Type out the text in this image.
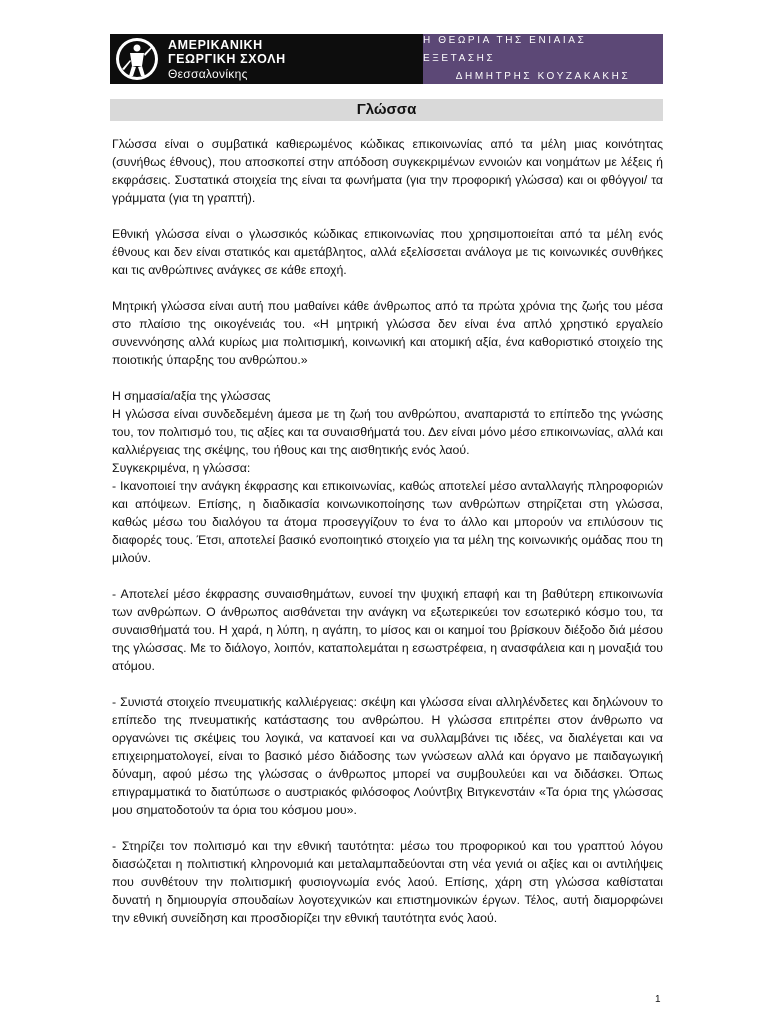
ΑΜΕΡΙΚΑΝΙΚΗ
ΓΕΩΡΓΙΚΗ ΣΧΟΛΗ
Θεσσαλονίκης
Η ΘΕΩΡΙΑ ΤΗΣ ΕΝΙΑΙΑΣ ΕΞΕΤΑΣΗΣ
ΔΗΜΗΤΡΗΣ ΚΟΥΖΑΚΑΚΗΣ
Γλώσσα

Γλώσσα είναι ο συμβατικά καθιερωμένος κώδικας επικοινωνίας από τα μέλη μιας κοινότητας (συνήθως έθνους), που αποσκοπεί στην απόδοση συγκεκριμένων εννοιών και νοημάτων με λέξεις ή εκφράσεις. Συστατικά στοιχεία της είναι τα φωνήματα (για την προφορική γλώσσα) και οι φθόγγοι/ τα γράμματα (για τη γραπτή).

Εθνική γλώσσα είναι ο γλωσσικός κώδικας επικοινωνίας που χρησιμοποιείται από τα μέλη ενός έθνους και δεν είναι στατικός και αμετάβλητος, αλλά εξελίσσεται ανάλογα με τις κοινωνικές συνθήκες και τις ανθρώπινες ανάγκες σε κάθε εποχή.

Μητρική γλώσσα είναι αυτή που μαθαίνει κάθε άνθρωπος από τα πρώτα χρόνια της ζωής του μέσα στο πλαίσιο της οικογένειάς του. «Η μητρική γλώσσα δεν είναι ένα απλό χρηστικό εργαλείο συνεννόησης αλλά κυρίως μια πολιτισμική, κοινωνική και ατομική αξία, ένα καθοριστικό στοιχείο της ποιοτικής ύπαρξης του ανθρώπου.»

Η σημασία/αξία της γλώσσας

Η γλώσσα είναι συνδεδεμένη άμεσα με τη ζωή του ανθρώπου, αναπαριστά το επίπεδο της γνώσης του, τον πολιτισμό του, τις αξίες και τα συναισθήματά του. Δεν είναι μόνο μέσο επικοινωνίας, αλλά και καλλιέργειας της σκέψης, του ήθους και της αισθητικής ενός λαού.

Συγκεκριμένα, η γλώσσα:

- Ικανοποιεί την ανάγκη έκφρασης και επικοινωνίας, καθώς αποτελεί μέσο ανταλλαγής πληροφοριών και απόψεων. Επίσης, η διαδικασία κοινωνικοποίησης των ανθρώπων στηρίζεται στη γλώσσα, καθώς μέσω του διαλόγου τα άτομα προσεγγίζουν το ένα το άλλο και μπορούν να επιλύσουν τις διαφορές τους. Έτσι, αποτελεί βασικό ενοποιητικό στοιχείο για τα μέλη της κοινωνικής ομάδας που τη μιλούν.

- Αποτελεί μέσο έκφρασης συναισθημάτων, ευνοεί την ψυχική επαφή και τη βαθύτερη επικοινωνία των ανθρώπων. Ο άνθρωπος αισθάνεται την ανάγκη να εξωτερικεύει τον εσωτερικό κόσμο του, τα συναισθήματά του. Η χαρά, η λύπη, η αγάπη, το μίσος και οι καημοί του βρίσκουν διέξοδο διά μέσου της γλώσσας. Με το διάλογο, λοιπόν, καταπολεμάται η εσωστρέφεια, η ανασφάλεια και η μοναξιά του ατόμου.

- Συνιστά στοιχείο πνευματικής καλλιέργειας: σκέψη και γλώσσα είναι αλληλένδετες και δηλώνουν το επίπεδο της πνευματικής κατάστασης του ανθρώπου. Η γλώσσα επιτρέπει στον άνθρωπο να οργανώνει τις σκέψεις του λογικά, να κατανοεί και να συλλαμβάνει τις ιδέες, να διαλέγεται και να επιχειρηματολογεί, είναι το βασικό μέσο διάδοσης των γνώσεων αλλά και όργανο με παιδαγωγική δύναμη, αφού μέσω της γλώσσας ο άνθρωπος μπορεί να συμβουλεύει και να διδάσκει. Όπως επιγραμματικά το διατύπωσε ο αυστριακός φιλόσοφος Λούντβιχ Βιτγκενστάιν «Τα όρια της γλώσσας μου σηματοδοτούν τα όρια του κόσμου μου».

- Στηρίζει τον πολιτισμό και την εθνική ταυτότητα: μέσω του προφορικού και του γραπτού λόγου διασώζεται η πολιτιστική κληρονομιά και μεταλαμπαδεύονται στη νέα γενιά οι αξίες και οι αντιλήψεις που συνθέτουν την πολιτισμική φυσιογνωμία ενός λαού. Επίσης, χάρη στη γλώσσα καθίσταται δυνατή η δημιουργία σπουδαίων λογοτεχνικών και επιστημονικών έργων. Τέλος, αυτή διαμορφώνει την εθνική συνείδηση και προσδιορίζει την εθνική ταυτότητα ενός λαού.

1
